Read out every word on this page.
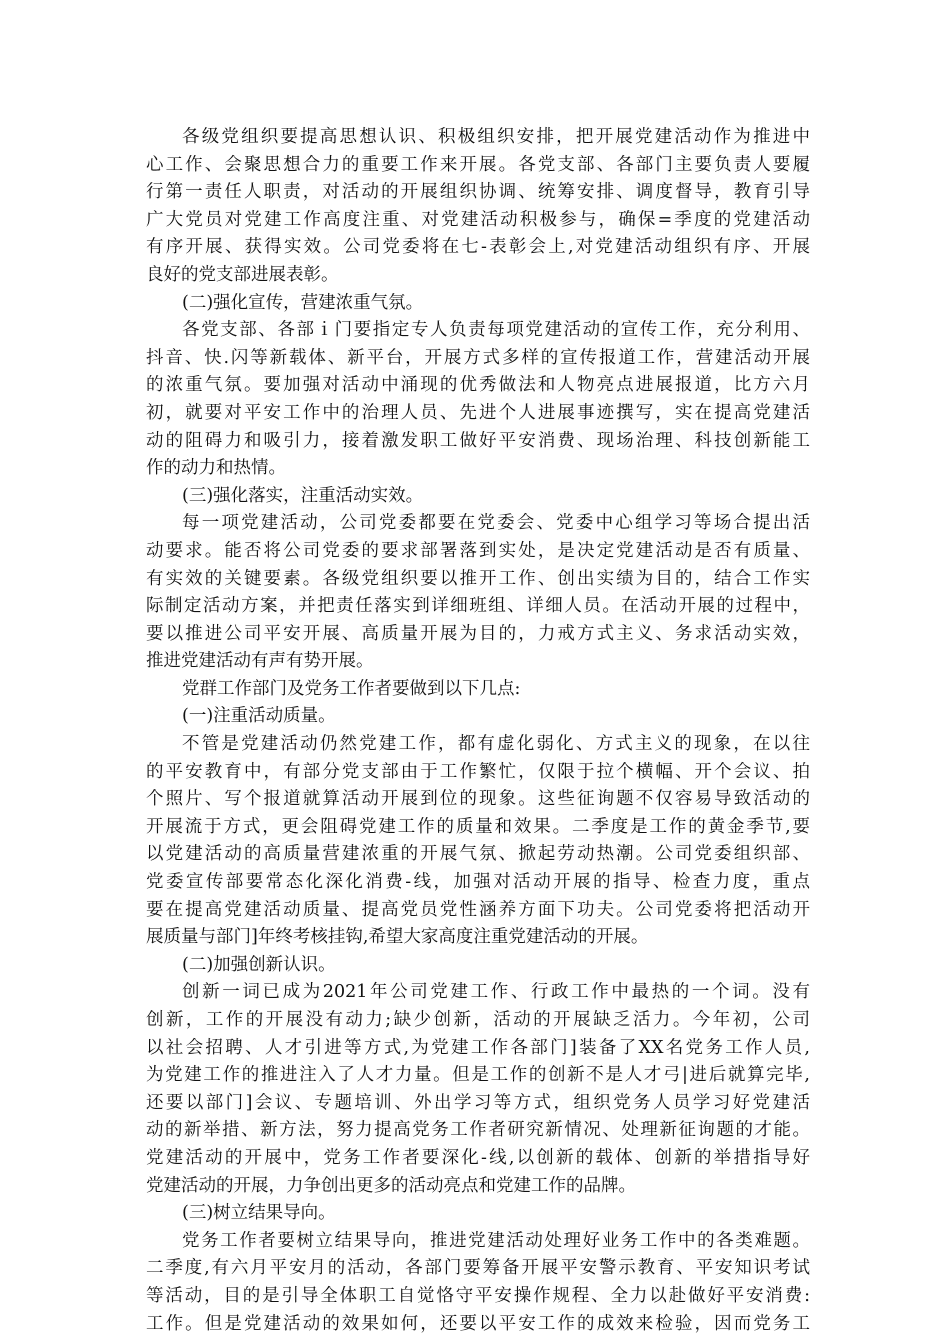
各级党组织要提高思想认识、积极组织安排，把开展党建活动作为推进中
心工作、会聚思想合力的重要工作来开展。各党支部、各部门主要负责人要履
行第一责任人职责，对活动的开展组织协调、统筹安排、调度督导，教育引导
广大党员对党建工作高度注重、对党建活动积极参与，确保=季度的党建活动
有序开展、获得实效。公司党委将在七-表彰会上,对党建活动组织有序、开展
良好的党支部进展表彰。
(二)强化宣传，营建浓重气氛。
各党支部、各部ｉ门要指定专人负责每项党建活动的宣传工作，充分利用、
抖音、快.闪等新载体、新平台，开展方式多样的宣传报道工作，营建活动开展
的浓重气氛。要加强对活动中涌现的优秀做法和人物亮点进展报道，比方六月
初，就要对平安工作中的治理人员、先进个人进展事迹撰写，实在提高党建活
动的阻碍力和吸引力，接着激发职工做好平安消费、现场治理、科技创新能工
作的动力和热情。
(三)强化落实，注重活动实效。
每一项党建活动，公司党委都要在党委会、党委中心组学习等场合提出活
动要求。能否将公司党委的要求部署落到实处，是决定党建活动是否有质量、
有实效的关键要素。各级党组织要以推开工作、创出实绩为目的，结合工作实
际制定活动方案，并把责任落实到详细班组、详细人员。在活动开展的过程中，
要以推进公司平安开展、高质量开展为目的，力戒方式主义、务求活动实效，
推进党建活动有声有势开展。
党群工作部门及党务工作者要做到以下几点:
(一)注重活动质量。
不管是党建活动仍然党建工作，都有虚化弱化、方式主义的现象，在以往
的平安教育中，有部分党支部由于工作繁忙，仅限于拉个横幅、开个会议、拍
个照片、写个报道就算活动开展到位的现象。这些征询题不仅容易导致活动的
开展流于方式，更会阻碍党建工作的质量和效果。二季度是工作的黄金季节,要
以党建活动的高质量营建浓重的开展气氛、掀起劳动热潮。公司党委组织部、
党委宣传部要常态化深化消费-线，加强对活动开展的指导、检查力度，重点
要在提高党建活动质量、提高党员党性涵养方面下功夫。公司党委将把活动开
展质量与部门]年终考核挂钩,希望大家高度注重党建活动的开展。
(二)加强创新认识。
创新一词已成为2021年公司党建工作、行政工作中最热的一个词。没有
创新，工作的开展没有动力;缺少创新，活动的开展缺乏活力。今年初，公司
以社会招聘、人才引进等方式,为党建工作各部门]装备了XX名党务工作人员,
为党建工作的推进注入了人才力量。但是工作的创新不是人才弓|进后就算完毕,
还要以部门]会议、专题培训、外出学习等方式，组织党务人员学习好党建活
动的新举措、新方法，努力提高党务工作者研究新情况、处理新征询题的才能。
党建活动的开展中，党务工作者要深化-线,以创新的载体、创新的举措指导好
党建活动的开展，力争创出更多的活动亮点和党建工作的品牌。
(三)树立结果导向。
党务工作者要树立结果导向，推进党建活动处理好业务工作中的各类难题。
二季度,有六月平安月的活动，各部门要筹备开展平安警示教育、平安知识考试
等活动，目的是引导全体职工自觉恪守平安操作规程、全力以赴做好平安消费:
工作。但是党建活动的效果如何，还要以平安工作的成效来检验，因而党务工
